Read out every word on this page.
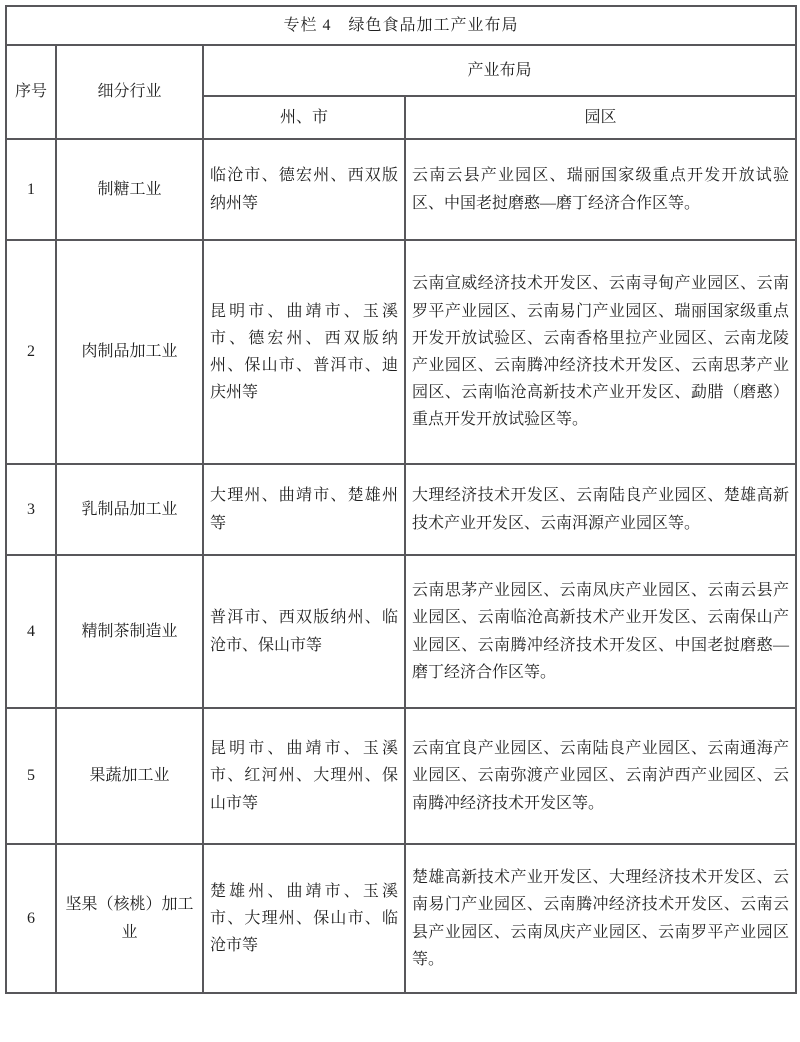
专栏 4　绿色食品加工产业布局			
序号	细分行业	产业布局	
		州、市	园区
1	制糖工业	临沧市、德宏州、西双版纳州等	云南云县产业园区、瑞丽国家级重点开发开放试验区、中国老挝磨憨—磨丁经济合作区等。
2	肉制品加工业	昆明市、曲靖市、玉溪市、德宏州、西双版纳州、保山市、普洱市、迪庆州等	云南宣威经济技术开发区、云南寻甸产业园区、云南罗平产业园区、云南易门产业园区、瑞丽国家级重点开发开放试验区、云南香格里拉产业园区、云南龙陵产业园区、云南腾冲经济技术开发区、云南思茅产业园区、云南临沧高新技术产业开发区、勐腊（磨憨）重点开发开放试验区等。
3	乳制品加工业	大理州、曲靖市、楚雄州等	大理经济技术开发区、云南陆良产业园区、楚雄高新技术产业开发区、云南洱源产业园区等。
4	精制茶制造业	普洱市、西双版纳州、临沧市、保山市等	云南思茅产业园区、云南凤庆产业园区、云南云县产业园区、云南临沧高新技术产业开发区、云南保山产业园区、云南腾冲经济技术开发区、中国老挝磨憨—磨丁经济合作区等。
5	果蔬加工业	昆明市、曲靖市、玉溪市、红河州、大理州、保山市等	云南宜良产业园区、云南陆良产业园区、云南通海产业园区、云南弥渡产业园区、云南泸西产业园区、云南腾冲经济技术开发区等。
6	坚果（核桃）加工业	楚雄州、曲靖市、玉溪市、大理州、保山市、临沧市等	楚雄高新技术产业开发区、大理经济技术开发区、云南易门产业园区、云南腾冲经济技术开发区、云南云县产业园区、云南凤庆产业园区、云南罗平产业园区等。
